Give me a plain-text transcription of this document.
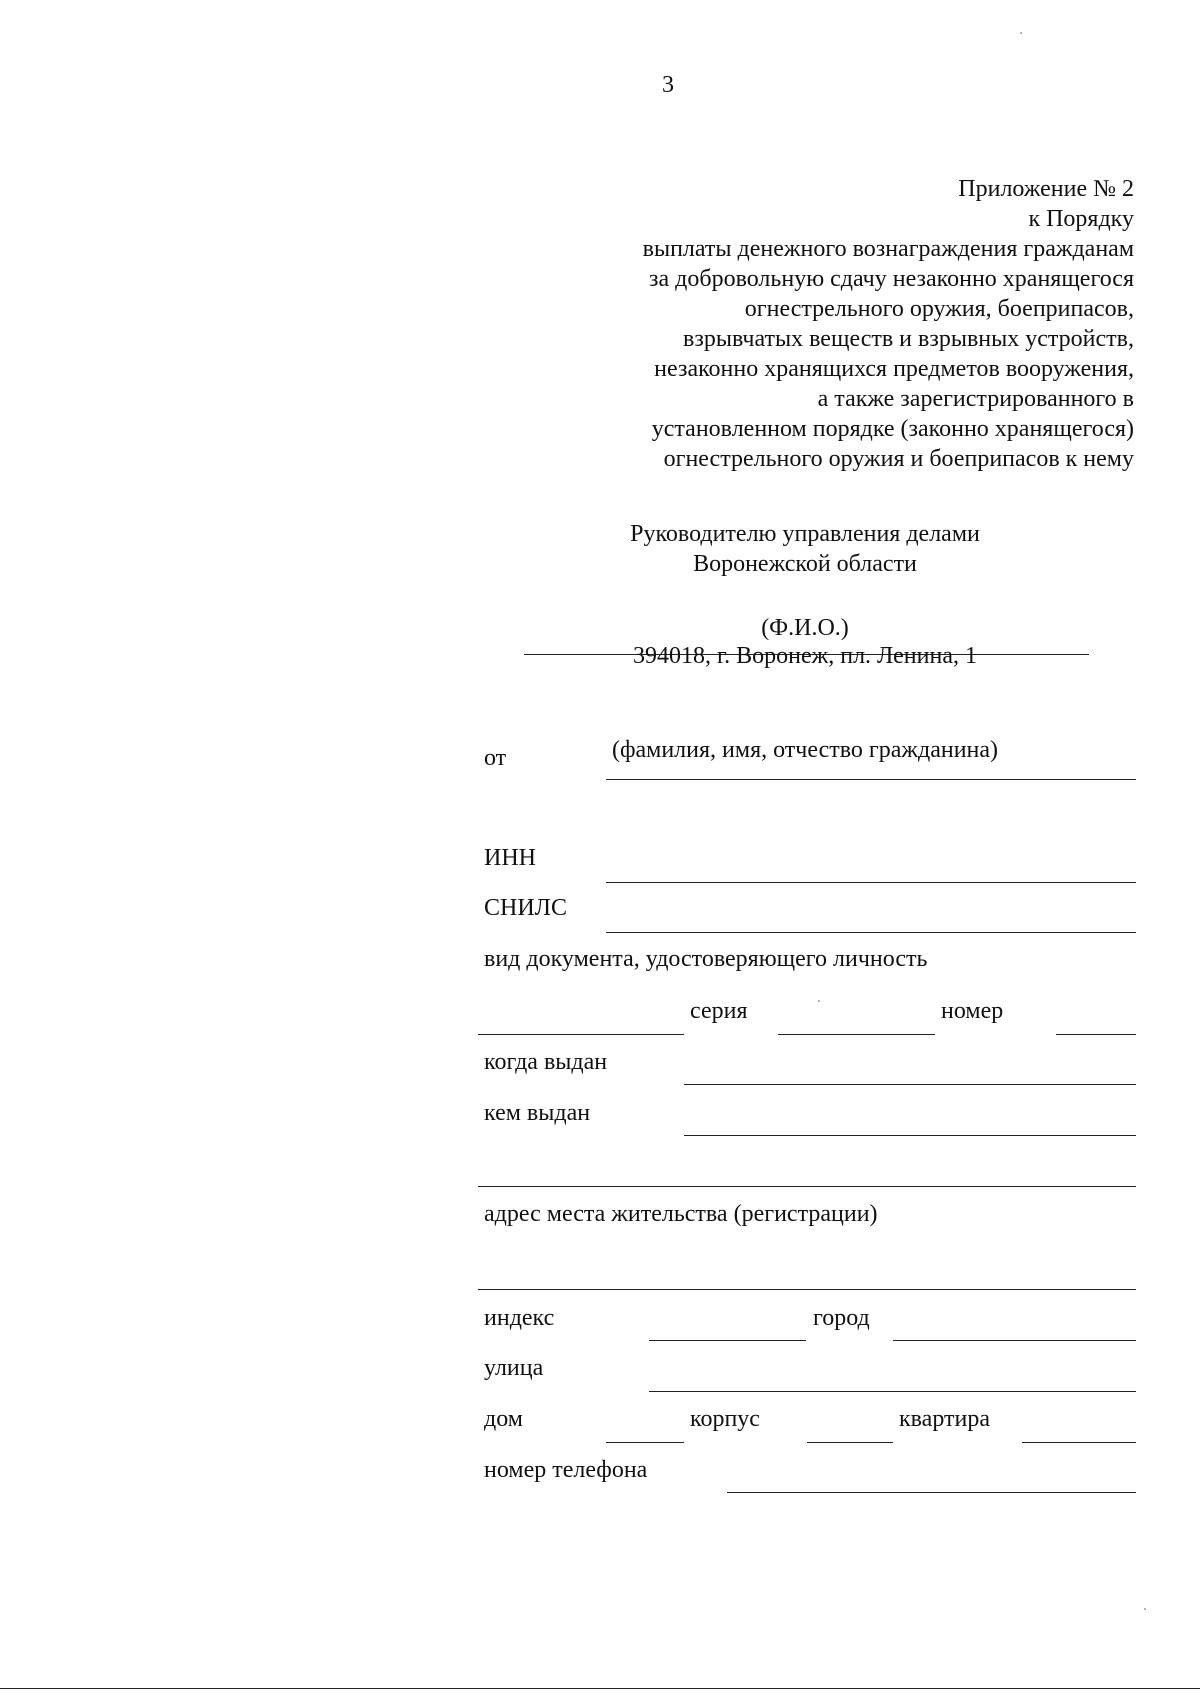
3
Приложение № 2
к Порядку
выплаты денежного вознаграждения гражданам
за добровольную сдачу незаконно хранящегося
огнестрельного оружия, боеприпасов,
взрывчатых веществ и взрывных устройств,
незаконно хранящихся предметов вооружения,
а также зарегистрированного в
установленном порядке (законно хранящегося)
огнестрельного оружия и боеприпасов к нему
Руководителю управления делами
Воронежской области
(Ф.И.О.)
394018, г. Воронеж, пл. Ленина, 1
от	(фамилия, имя, отчество гражданина)
ИНН
СНИЛС
вид документа, удостоверяющего личность
серия	номер
когда выдан
кем выдан
адрес места жительства (регистрации)
индекс	город
улица
дом	корпус	квартира
номер телефона
